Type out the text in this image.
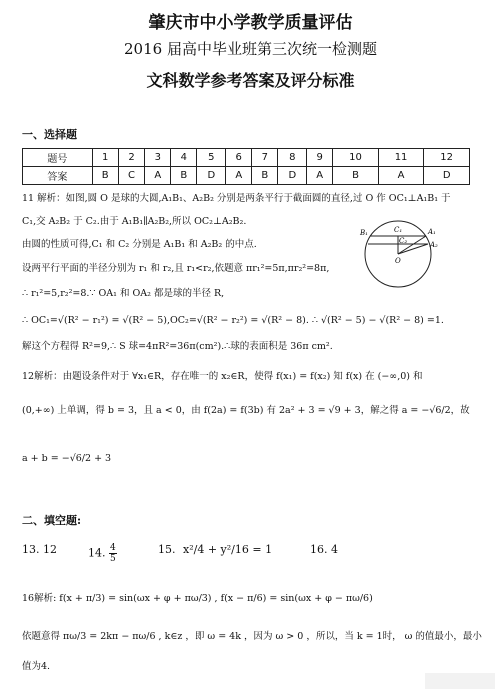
肇庆市中小学教学质量评估
2016 届高中毕业班第三次统一检测题
文科数学参考答案及评分标准
一、选择题
题号	1	2	3	4	5	6	7	8	9	10	11	12
答案	B	C	A	B	D	A	B	D	A	B	A	D
11 解析：如图,圆 O 是球的大圆,A₁B₁、A₂B₂ 分别是两条平行于截面圆的直径,过 O 作 OC₁⊥A₁B₁ 于
C₁,交 A₂B₂ 于 C₂.由于 A₁B₁∥A₂B₂,所以 OC₂⊥A₂B₂.
由圆的性质可得,C₁ 和 C₂ 分别是 A₁B₁ 和 A₂B₂ 的中点.
设两平行平面的半径分别为 r₁ 和 r₂,且 r₁<r₂,依题意 πr₁²=5π,πr₂²=8π,
∴ r₁²=5,r₂²=8.∵ OA₁ 和 OA₂ 都是球的半径 R,
∴ OC₁=√(R² − r₁²) = √(R² − 5),OC₂=√(R² − r₂²) = √(R² − 8). ∴ √(R² − 5) − √(R² − 8) =1.
解这个方程得 R²=9,∴ S 球=4πR²=36π(cm²).∴球的表面积是 36π cm².
B₁	C₁	A₁
C₂	A₂
O
12解析：由题设条件对于 ∀x₁∈R，存在唯一的 x₂∈R，使得 f(x₁) = f(x₂) 知 f(x) 在 (−∞,0) 和
(0,+∞) 上单调，得 b = 3，且 a < 0，由 f(2a) = f(3b) 有 2a² + 3 = √9 + 3，解之得 a = −√6/2，故
a + b = −√6/2 + 3
二、填空题:
13. 12	14. $\frac{4}{5}$	15. x²/4 + y²/16 = 1	16. 4
16解析: f(x + π/3) = sin(ωx + φ + πω/3) , f(x − π/6) = sin(ωx + φ − πω/6)
依题意得 πω/3 = 2kπ − πω/6 , k∈z ，即 ω = 4k ，因为 ω > 0 ，所以，当 k = 1时， ω 的值最小，最小
值为4.
